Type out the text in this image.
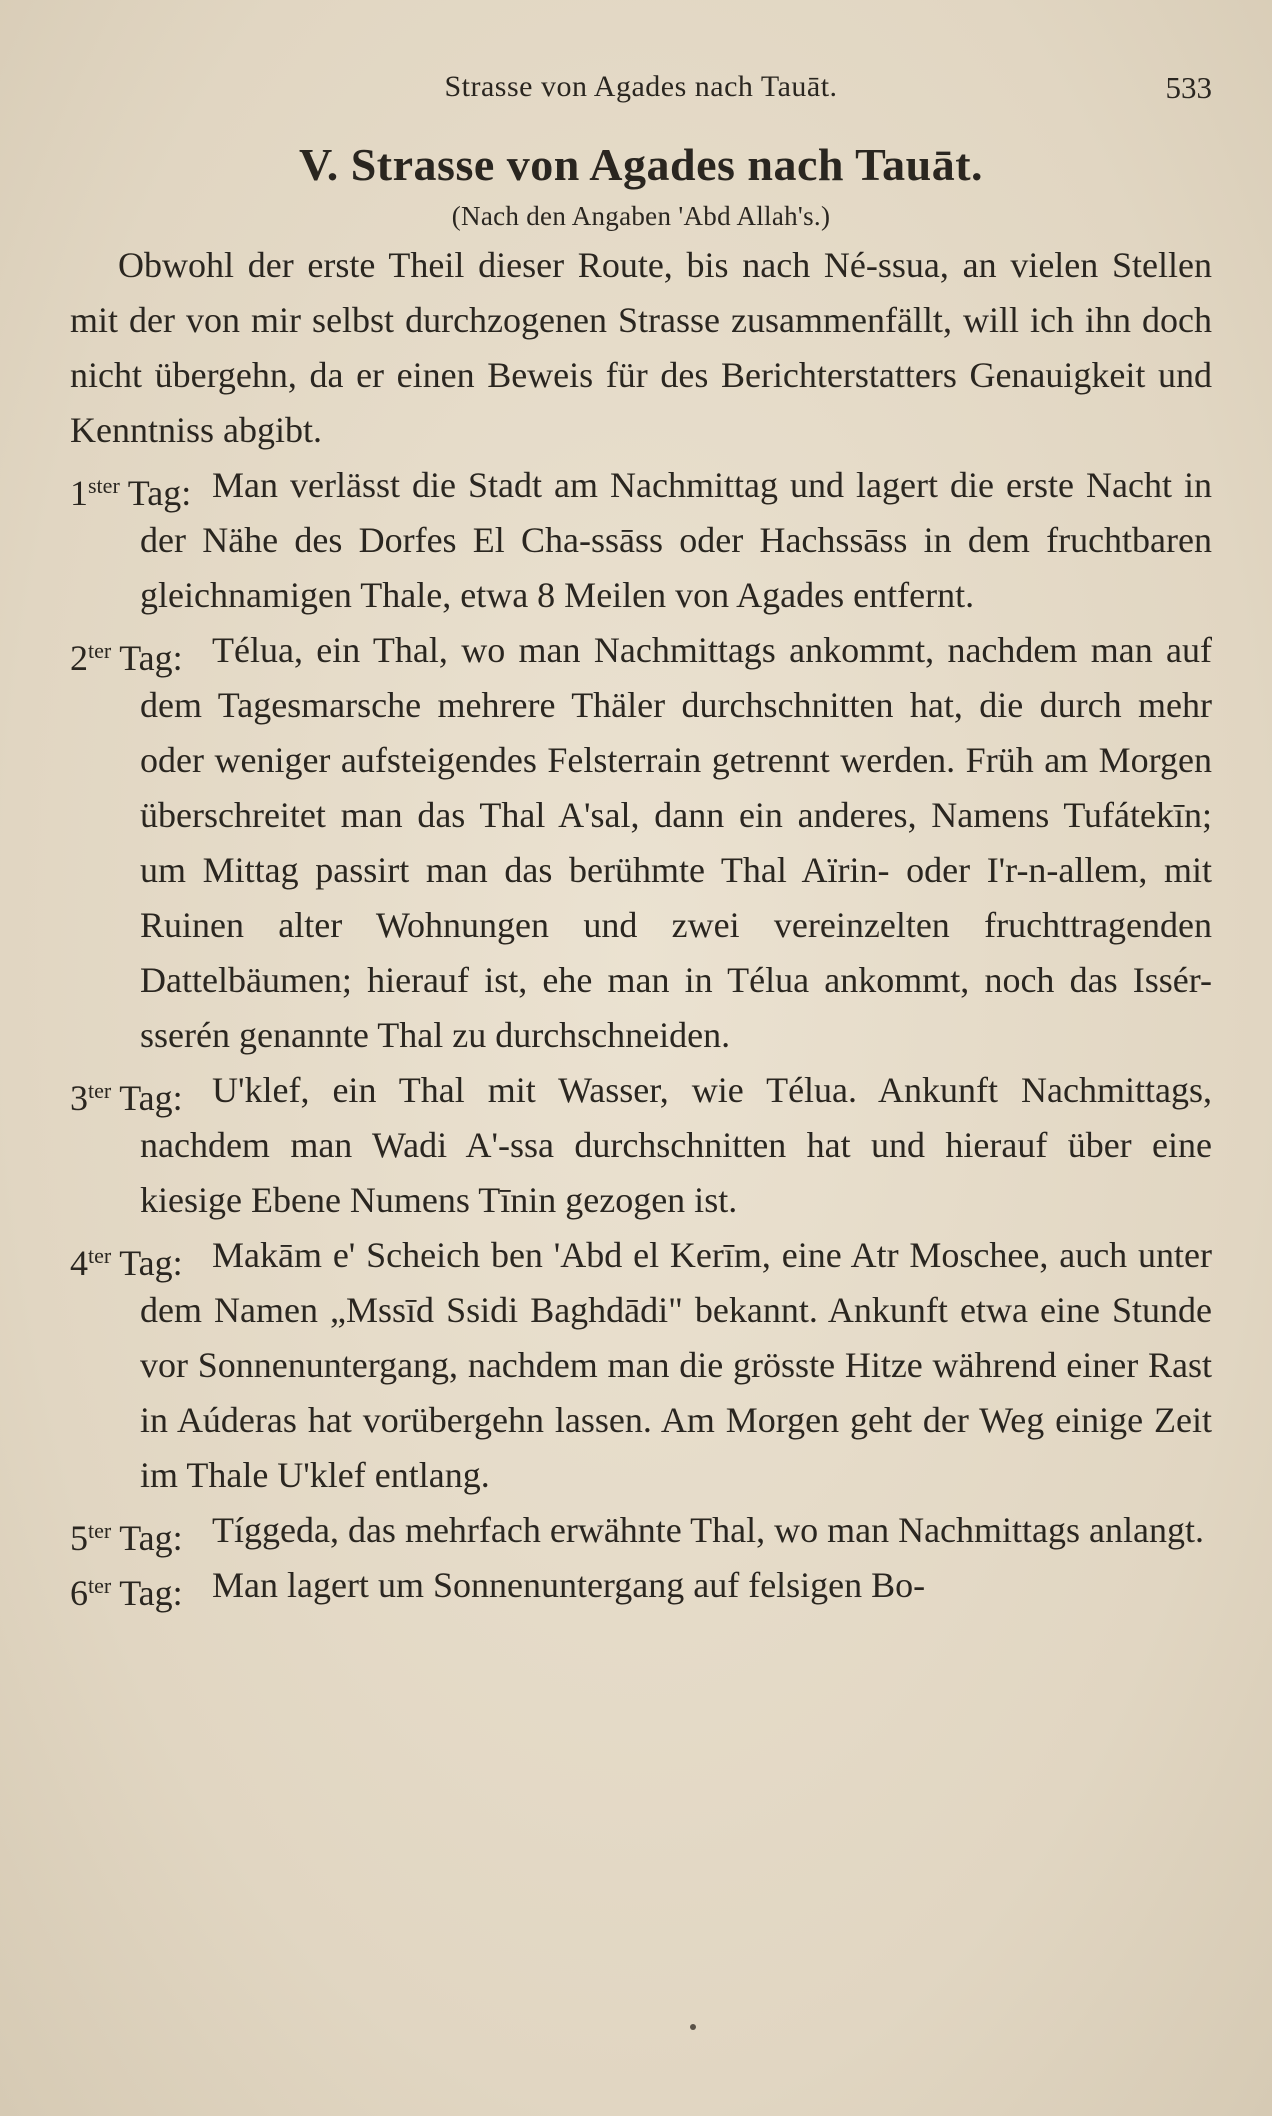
Strasse von Agades nach Tauāt.	533
V. Strasse von Agades nach Tauāt.
(Nach den Angaben 'Abd Allah's.)

Obwohl der erste Theil dieser Route, bis nach Né-ssua, an vielen Stellen mit der von mir selbst durchzogenen Strasse zusammenfällt, will ich ihn doch nicht übergehn, da er einen Beweis für des Berichterstatters Genauigkeit und Kenntniss abgibt.

$1^{ster}$ Tag: Man verlässt die Stadt am Nachmittag und lagert die erste Nacht in der Nähe des Dorfes El Cha-ssāss oder Hachssāss in dem fruchtbaren gleichnamigen Thale, etwa 8 Meilen von Agades entfernt.

$2^{ter}$ Tag: Télua, ein Thal, wo man Nachmittags ankommt, nachdem man auf dem Tagesmarsche mehrere Thäler durchschnitten hat, die durch mehr oder weniger aufsteigendes Felsterrain getrennt werden. Früh am Morgen überschreitet man das Thal A'sal, dann ein anderes, Namens Tufátekīn; um Mittag passirt man das berühmte Thal Aïrin- oder I'r-n-allem, mit Ruinen alter Wohnungen und zwei vereinzelten fruchttragenden Dattelbäumen; hierauf ist, ehe man in Télua ankommt, noch das Issér-sserén genannte Thal zu durchschneiden.

$3^{ter}$ Tag: U'klef, ein Thal mit Wasser, wie Télua. Ankunft Nachmittags, nachdem man Wadi A'-ssa durchschnitten hat und hierauf über eine kiesige Ebene Numens Tīnin gezogen ist.

$4^{ter}$ Tag: Makām e' Scheich ben 'Abd el Kerīm, eine Atr Moschee, auch unter dem Namen „Mssīd Ssidi Baghdādi" bekannt. Ankunft etwa eine Stunde vor Sonnenuntergang, nachdem man die grösste Hitze während einer Rast in Aúderas hat vorübergehn lassen. Am Morgen geht der Weg einige Zeit im Thale U'klef entlang.

$5^{ter}$ Tag: Tíggeda, das mehrfach erwähnte Thal, wo man Nachmittags anlangt.

$6^{ter}$ Tag: Man lagert um Sonnenuntergang auf felsigen Bo-
